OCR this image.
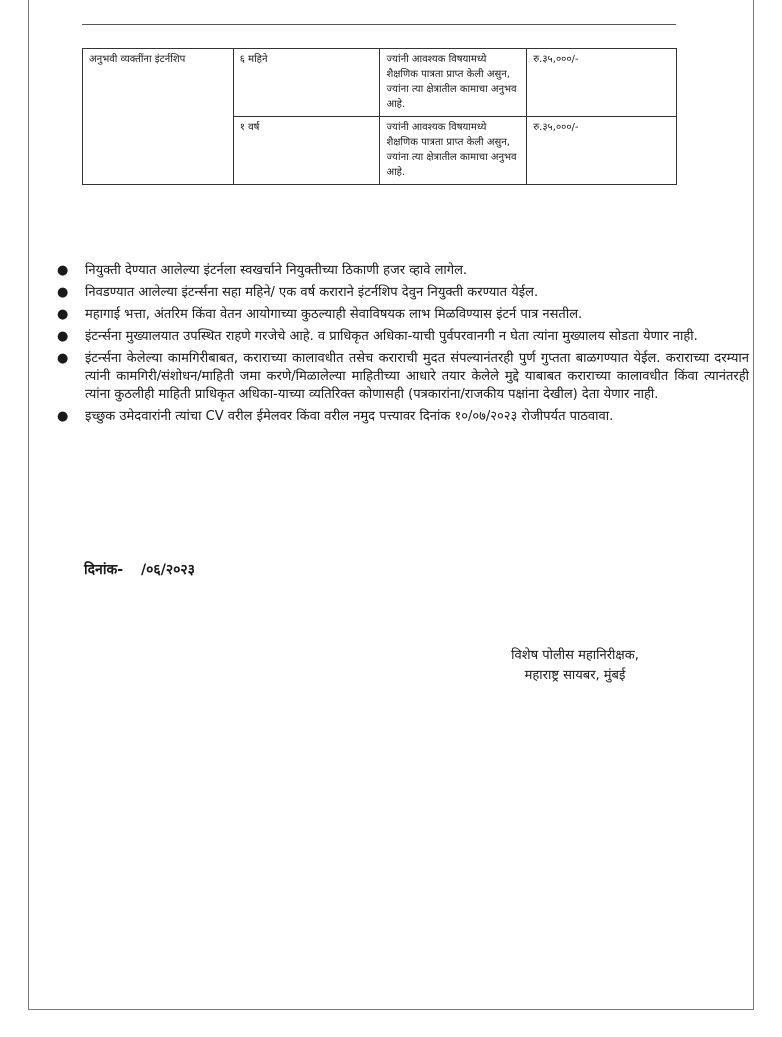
अनुभवी व्यक्तींना इंटर्नशिप	६ महिने	ज्यांनी आवश्यक विषयामध्ये शैक्षणिक पात्रता प्राप्त केली असुन, ज्यांना त्या क्षेत्रातील कामाचा अनुभव आहे.	रु.३५,०००/-
	१ वर्ष	ज्यांनी आवश्यक विषयामध्ये शैक्षणिक पात्रता प्राप्त केली असुन, ज्यांना त्या क्षेत्रातील कामाचा अनुभव आहे.	रु.३५,०००/-
● नियुक्ती देण्यात आलेल्या इंटर्नला स्वखर्चाने नियुक्तीच्या ठिकाणी हजर व्हावे लागेल.
● निवडण्यात आलेल्या इंटर्न्सना सहा महिने/ एक वर्ष कराराने इंटर्नशिप देवुन नियुक्ती करण्यात येईल.
● महागाई भत्ता, अंतरिम किंवा वेतन आयोगाच्या कुठल्याही सेवाविषयक लाभ मिळविण्यास इंटर्न पात्र नसतील.
● इंटर्न्सना मुख्यालयात उपस्थित राहणे गरजेचे आहे. व प्राधिकृत अधिका-याची पुर्वपरवानगी न घेता त्यांना मुख्यालय सोडता येणार नाही.
● इंटर्न्सना केलेल्या कामगिरीबाबत, कराराच्या कालावधीत तसेच कराराची मुदत संपल्यानंतरही पुर्ण गुप्तता बाळगण्यात येईल. कराराच्या दरम्यान त्यांनी कामगिरी/संशोधन/माहिती जमा करणे/मिळालेल्या माहितीच्या आधारे तयार केलेले मुद्दे याबाबत कराराच्या कालावधीत किंवा त्यानंतरही त्यांना कुठलीही माहिती प्राधिकृत अधिका-याच्या व्यतिरिक्त कोणासही (पत्रकारांना/राजकीय पक्षांना देखील) देता येणार नाही.
● इच्छुक उमेदवारांनी त्यांचा CV वरील ईमेलवर किंवा वरील नमुद पत्त्यावर दिनांक १०/०७/२०२३ रोजीपर्यत पाठवावा.
दिनांक- /०६/२०२३
विशेष पोलीस महानिरीक्षक,
महाराष्ट्र सायबर, मुंबई
